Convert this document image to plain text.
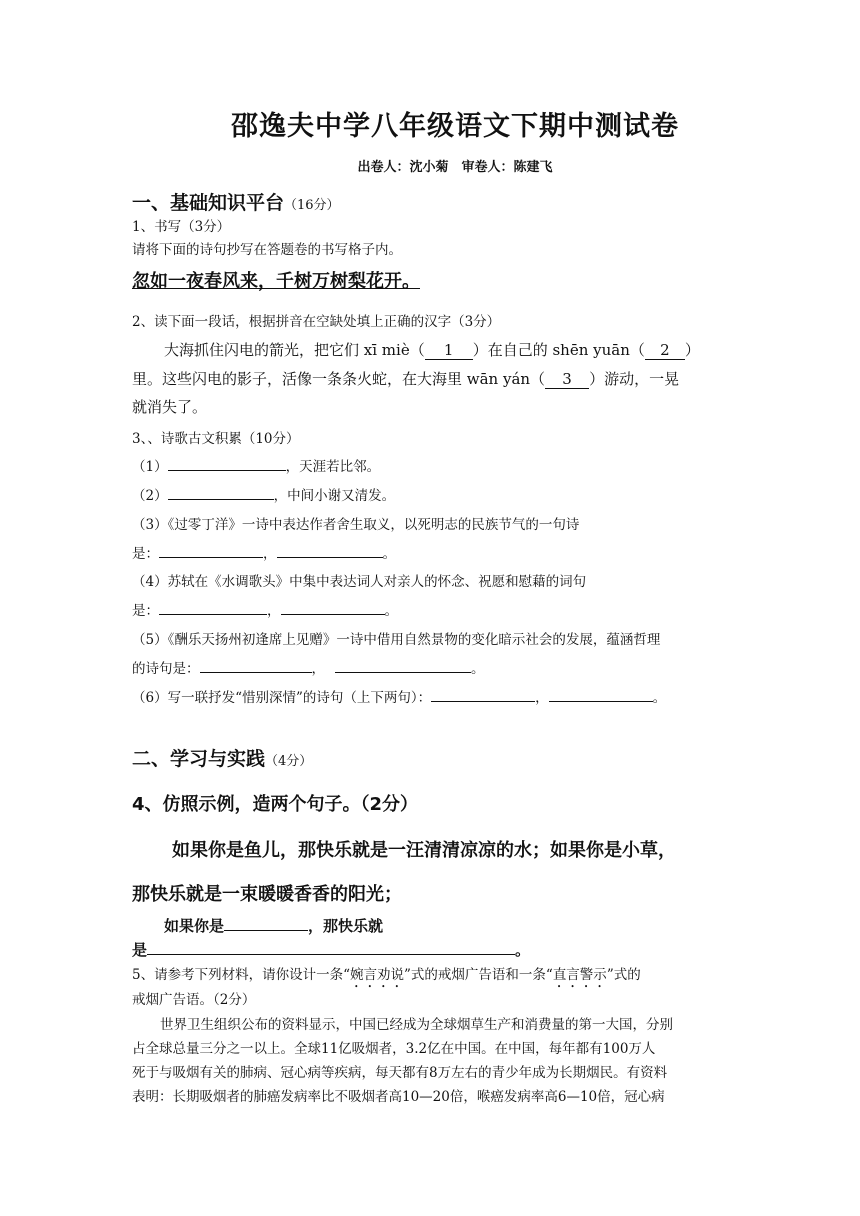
邵逸夫中学八年级语文下期中测试卷
出卷人：沈小菊　审卷人：陈建飞
一、基础知识平台（16分）
1、书写（3分）
请将下面的诗句抄写在答题卷的书写格子内。
忽如一夜春风来，千树万树梨花开。
2、读下面一段话，根据拼音在空缺处填上正确的汉字（3分）
大海抓住闪电的箭光，把它们 xī miè（ 1 ）在自己的 shēn yuān（ 2 ）
里。这些闪电的影子，活像一条条火蛇，在大海里 wān yán（ 3 ）游动，一晃
就消失了。
3、、诗歌古文积累（10分）
（1）	，天涯若比邻。
（2）	，中间小谢又清发。
（3）《过零丁洋》一诗中表达作者舍生取义，以死明志的民族节气的一句诗
是：	，	。
（4）苏轼在《水调歌头》中集中表达词人对亲人的怀念、祝愿和慰藉的词句
是：	，	。
（5）《酬乐天扬州初逢席上见赠》一诗中借用自然景物的变化暗示社会的发展，蕴涵哲理
的诗句是：	，	。
（6）写一联抒发“惜别深情”的诗句（上下两句）：	，	。
二、学习与实践（4分）
4、仿照示例，造两个句子。（2分）
如果你是鱼儿，那快乐就是一汪清清凉凉的水；如果你是小草，
那快乐就是一束暖暖香香的阳光；
如果你是	，那快乐就
是	。
5、请参考下列材料，请你设计一条“婉言劝说”式的戒烟广告语和一条“直言警示”式的
戒烟广告语。（2分）
世界卫生组织公布的资料显示，中国已经成为全球烟草生产和消费量的第一大国，分别
占全球总量三分之一以上。全球11亿吸烟者，3.2亿在中国。在中国，每年都有100万人
死于与吸烟有关的肺病、冠心病等疾病，每天都有8万左右的青少年成为长期烟民。有资料
表明：长期吸烟者的肺癌发病率比不吸烟者高10—20倍，喉癌发病率高6—10倍，冠心病
